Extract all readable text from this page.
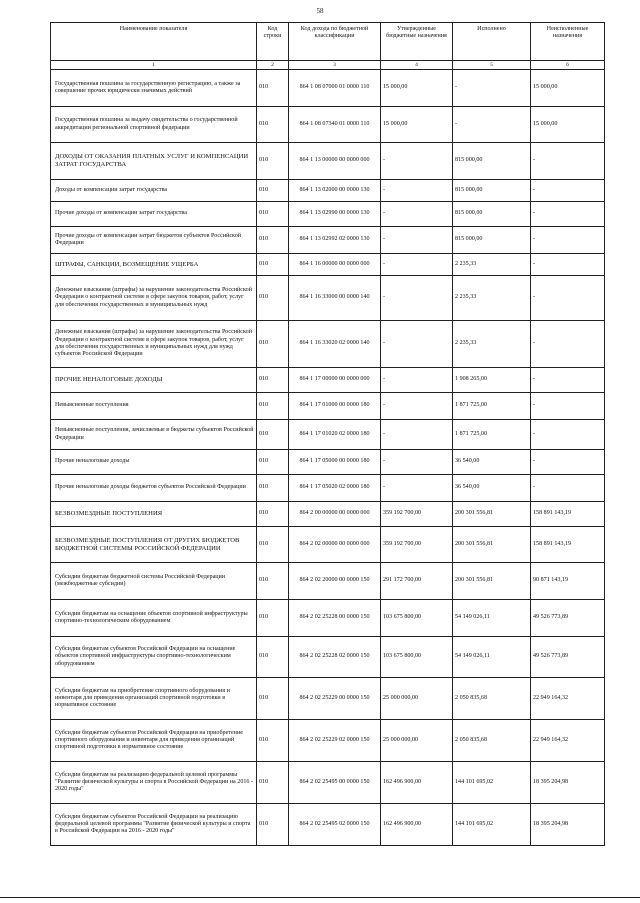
58
Наименование показателя	Код строки	Код дохода по бюджетной классификации	Утвержденные бюджетные назначения	Исполнено	Неисполненные назначения
1	2	3	4	5	6
Государственная пошлина за государственную регистрацию, а также за совершение прочих юридически значимых действий	010	864 1 08 07000 01 0000 110	15 000,00	-	15 000,00
Государственная пошлина за выдачу свидетельства о государственной аккредитации региональной спортивной федерации	010	864 1 08 07340 01 0000 110	15 000,00	-	15 000,00
ДОХОДЫ ОТ ОКАЗАНИЯ ПЛАТНЫХ УСЛУГ И КОМПЕНСАЦИИ ЗАТРАТ ГОСУДАРСТВА	010	864 1 13 00000 00 0000 000	-	815 000,00	-
Доходы от компенсации затрат государства	010	864 1 13 02000 00 0000 130	-	815 000,00	-
Прочие доходы от компенсации затрат государства	010	864 1 13 02990 00 0000 130	-	815 000,00	-
Прочие доходы от компенсации затрат бюджетов субъектов Российской Федерации	010	864 1 13 02992 02 0000 130	-	815 000,00	-
ШТРАФЫ, САНКЦИИ, ВОЗМЕЩЕНИЕ УЩЕРБА	010	864 1 16 00000 00 0000 000	-	2 235,33	-
Денежные взыскания (штрафы) за нарушение законодательства Российской Федерации о контрактной системе в сфере закупок товаров, работ, услуг для обеспечения государственных и муниципальных нужд	010	864 1 16 33000 00 0000 140	-	2 235,33	-
Денежные взыскания (штрафы) за нарушение законодательства Российской Федерации о контрактной системе в сфере закупок товаров, работ, услуг для обеспечения государственных и муниципальных нужд для нужд субъектов Российской Федерации	010	864 1 16 33020 02 0000 140	-	2 235,33	-
ПРОЧИЕ НЕНАЛОГОВЫЕ ДОХОДЫ	010	864 1 17 00000 00 0000 000	-	1 908 265,00	-
Невыясненные поступления	010	864 1 17 01000 00 0000 180	-	1 871 725,00	-
Невыясненные поступления, зачисляемые в бюджеты субъектов Российской Федерации	010	864 1 17 01020 02 0000 180	-	1 871 725,00	-
Прочие неналоговые доходы	010	864 1 17 05000 00 0000 180	-	36 540,00	-
Прочие неналоговые доходы бюджетов субъектов Российской Федерации	010	864 1 17 05020 02 0000 180	-	36 540,00	-
БЕЗВОЗМЕЗДНЫЕ ПОСТУПЛЕНИЯ	010	864 2 00 00000 00 0000 000	359 192 700,00	200 301 556,81	158 891 143,19
БЕЗВОЗМЕЗДНЫЕ ПОСТУПЛЕНИЯ ОТ ДРУГИХ БЮДЖЕТОВ БЮДЖЕТНОЙ СИСТЕМЫ РОССИЙСКОЙ ФЕДЕРАЦИИ	010	864 2 02 00000 00 0000 000	359 192 700,00	200 301 556,81	158 891 143,19
Субсидии бюджетам бюджетной системы Российской Федерации (межбюджетные субсидии)	010	864 2 02 20000 00 0000 150	291 172 700,00	200 301 556,81	90 871 143,19
Субсидии бюджетам на оснащение объектов спортивной инфраструктуры спортивно-технологическим оборудованием	010	864 2 02 25228 00 0000 150	103 675 800,00	54 149 026,11	49 526 773,89
Субсидии бюджетам субъектов Российской Федерации на оснащение объектов спортивной инфраструктуры спортивно-технологическим оборудованием	010	864 2 02 25228 02 0000 150	103 675 800,00	54 149 026,11	49 526 773,89
Субсидии бюджетам на приобретение спортивного оборудования и инвентаря для приведения организаций спортивной подготовки в нормативное состояние	010	864 2 02 25229 00 0000 150	25 000 000,00	2 050 835,68	22 949 164,32
Субсидии бюджетам субъектов Российской Федерации на приобретение спортивного оборудования и инвентаря для приведения организаций спортивной подготовки в нормативное состояние	010	864 2 02 25229 02 0000 150	25 000 000,00	2 050 835,68	22 949 164,32
Субсидии бюджетам на реализацию федеральной целевой программы "Развитие физической культуры и спорта в Российской Федерации на 2016 - 2020 годы"	010	864 2 02 25495 00 0000 150	162 496 900,00	144 101 695,02	18 395 204,98
Субсидии бюджетам субъектов Российской Федерации на реализацию федеральной целевой программы "Развитие физической культуры и спорта в Российской Федерации на 2016 - 2020 годы"	010	864 2 02 25495 02 0000 150	162 496 900,00	144 101 695,02	18 395 204,98
